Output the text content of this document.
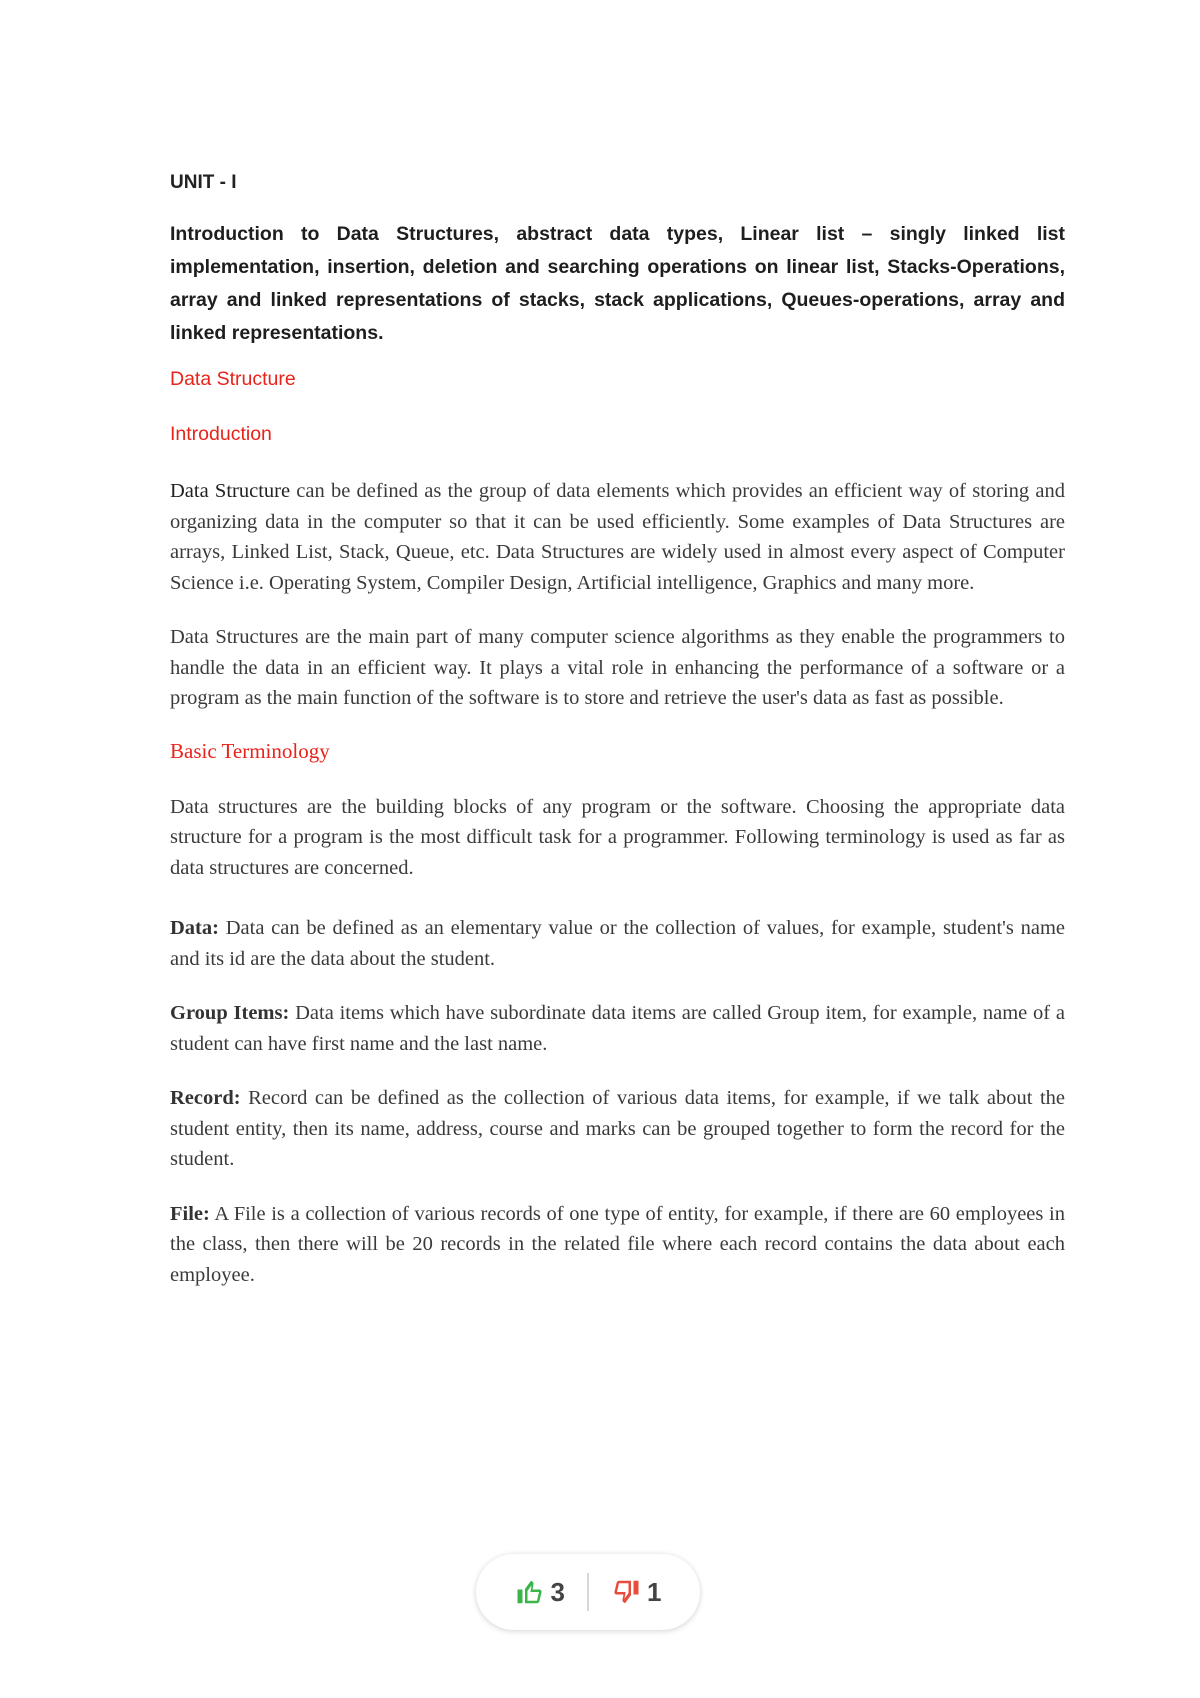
UNIT - I

Introduction to Data Structures, abstract data types, Linear list – singly linked list implementation, insertion, deletion and searching operations on linear list, Stacks-Operations, array and linked representations of stacks, stack applications, Queues-operations, array and linked representations.

Data Structure
Introduction

Data Structure can be defined as the group of data elements which provides an efficient way of storing and organizing data in the computer so that it can be used efficiently. Some examples of Data Structures are arrays, Linked List, Stack, Queue, etc. Data Structures are widely used in almost every aspect of Computer Science i.e. Operating System, Compiler Design, Artificial intelligence, Graphics and many more.

Data Structures are the main part of many computer science algorithms as they enable the programmers to handle the data in an efficient way. It plays a vital role in enhancing the performance of a software or a program as the main function of the software is to store and retrieve the user's data as fast as possible.

Basic Terminology

Data structures are the building blocks of any program or the software. Choosing the appropriate data structure for a program is the most difficult task for a programmer. Following terminology is used as far as data structures are concerned.

Data: Data can be defined as an elementary value or the collection of values, for example, student's name and its id are the data about the student.

Group Items: Data items which have subordinate data items are called Group item, for example, name of a student can have first name and the last name.

Record: Record can be defined as the collection of various data items, for example, if we talk about the student entity, then its name, address, course and marks can be grouped together to form the record for the student.

File: A File is a collection of various records of one type of entity, for example, if there are 60 employees in the class, then there will be 20 records in the related file where each record contains the data about each employee.

3	1
